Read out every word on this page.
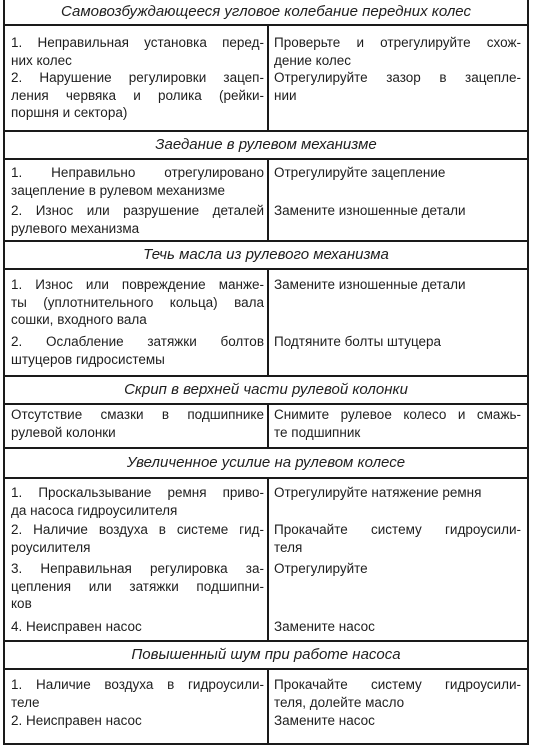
Самовозбуждающееся угловое колебание передних колес
1. Неправильная установка перед-
них колес
2. Нарушение регулировки зацеп-
ления червяка и ролика (рейки-
поршня и сектора)
Проверьте и отрегулируйте схож-
дение колес
Отрегулируйте зазор в зацепле-
нии
Заедание в рулевом механизме
1. Неправильно отрегулировано
зацепление в рулевом механизме
2. Износ или разрушение деталей
рулевого механизма
Отрегулируйте зацепление
Замените изношенные детали
Течь масла из рулевого механизма
1. Износ или повреждение манже-
ты (уплотнительного кольца) вала
сошки, входного вала
2. Ослабление затяжки болтов
штуцеров гидросистемы
Замените изношенные детали
Подтяните болты штуцера
Скрип в верхней части рулевой колонки
Отсутствие смазки в подшипнике
рулевой колонки
Снимите рулевое колесо и смажь-
те подшипник
Увеличенное усилие на рулевом колесе
1. Проскальзывание ремня приво-
да насоса гидроусилителя
2. Наличие воздуха в системе гид-
роусилителя
3. Неправильная регулировка за-
цепления или затяжки подшипни-
ков
4. Неисправен насос
Отрегулируйте натяжение ремня
Прокачайте систему гидроусили-
теля
Отрегулируйте
Замените насос
Повышенный шум при работе насоса
1. Наличие воздуха в гидроусили-
теле
2. Неисправен насос
Прокачайте систему гидроусили-
теля, долейте масло
Замените насос
